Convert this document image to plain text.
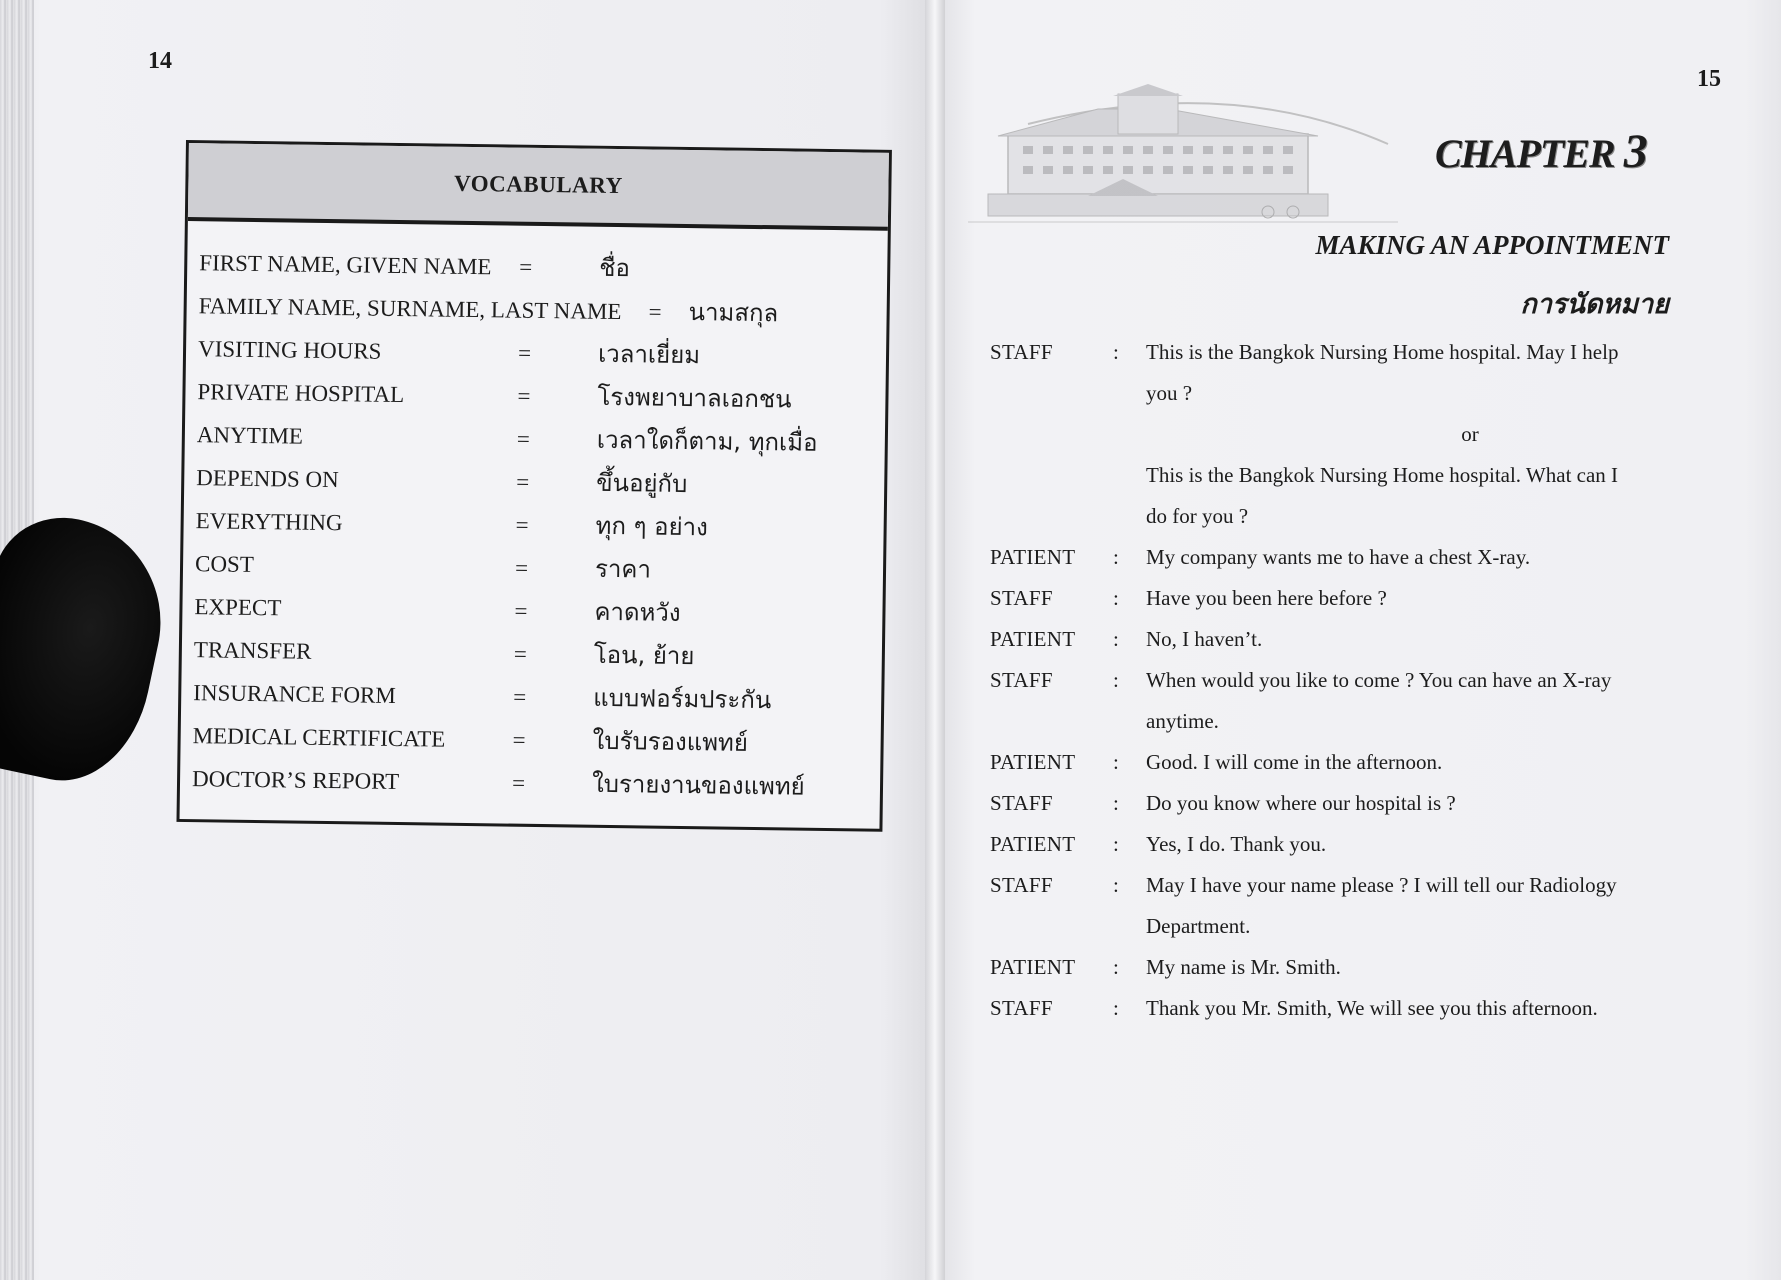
14
VOCABULARY
FIRST NAME, GIVEN NAME =	ชื่อ
FAMILY NAME, SURNAME, LAST NAME = นามสกุล
VISITING HOURS	=	เวลาเยี่ยม
PRIVATE HOSPITAL	=	โรงพยาบาลเอกชน
ANYTIME	=	เวลาใดก็ตาม, ทุกเมื่อ
DEPENDS ON	=	ขึ้นอยู่กับ
EVERYTHING	=	ทุก ๆ อย่าง
COST	=	ราคา
EXPECT	=	คาดหวัง
TRANSFER	=	โอน, ย้าย
INSURANCE FORM	=	แบบฟอร์มประกัน
MEDICAL CERTIFICATE	=	ใบรับรองแพทย์
DOCTOR’S REPORT	=	ใบรายงานของแพทย์
15
CHAPTER 3
MAKING AN APPOINTMENT
การนัดหมาย
STAFF	: This is the Bangkok Nursing Home hospital. May I help
you ?
or
This is the Bangkok Nursing Home hospital. What can I
do for you ?
PATIENT	: My company wants me to have a chest X-ray.
STAFF	: Have you been here before ?
PATIENT	: No, I haven’t.
STAFF	: When would you like to come ? You can have an X-ray
anytime.
PATIENT	: Good. I will come in the afternoon.
STAFF	: Do you know where our hospital is ?
PATIENT	: Yes, I do. Thank you.
STAFF	: May I have your name please ? I will tell our Radiology
Department.
PATIENT	: My name is Mr. Smith.
STAFF	: Thank you Mr. Smith, We will see you this afternoon.
